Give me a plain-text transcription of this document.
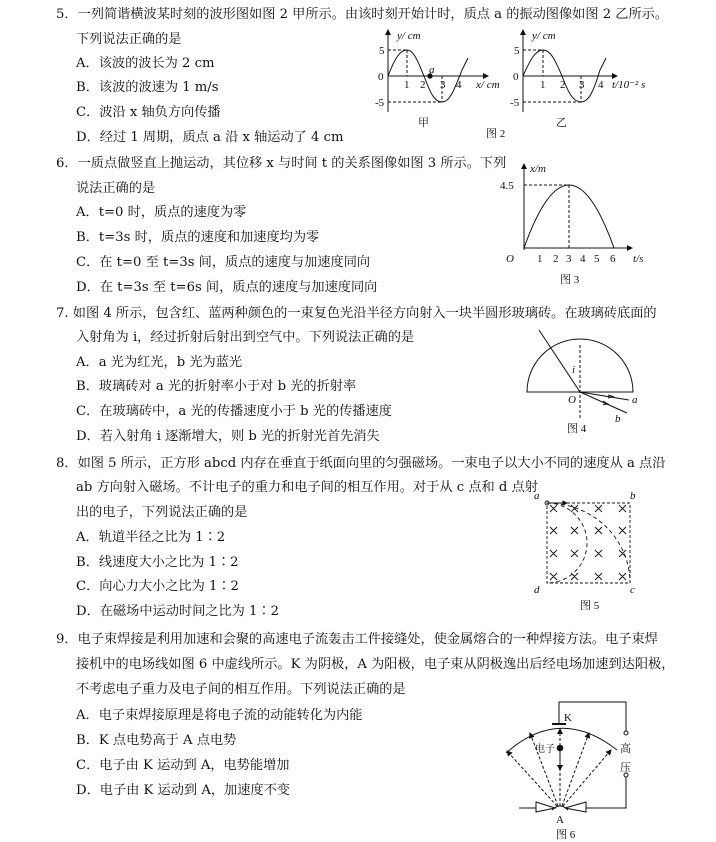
5．一列简谐横波某时刻的波形图如图 2 甲所示。由该时刻开始计时，质点 a 的振动图像如图 2 乙所示。
下列说法正确的是
A．该波的波长为 2 cm
B．该波的波速为 1 m/s
C．波沿 x 轴负方向传播
D．经过 1 周期，质点 a 沿 x 轴运动了 4 cm
6．一质点做竖直上抛运动，其位移 x 与时间 t 的关系图像如图 3 所示。下列
说法正确的是
A．t=0 时，质点的速度为零
B．t=3s 时，质点的速度和加速度均为零
C．在 t=0 至 t=3s 间，质点的速度与加速度同向
D．在 t=3s 至 t=6s 间，质点的速度与加速度同向
7. 如图 4 所示，包含红、蓝两种颜色的一束复色光沿半径方向射入一块半圆形玻璃砖。在玻璃砖底面的
入射角为 i，经过折射后射出到空气中。下列说法正确的是
A．a 光为红光，b 光为蓝光
B．玻璃砖对 a 光的折射率小于对 b 光的折射率
C．在玻璃砖中，a 光的传播速度小于 b 光的传播速度
D．若入射角 i 逐渐增大，则 b 光的折射光首先消失
8．如图 5 所示，正方形 abcd 内存在垂直于纸面向里的匀强磁场。一束电子以大小不同的速度从 a 点沿
ab 方向射入磁场。不计电子的重力和电子间的相互作用。对于从 c 点和 d 点射
出的电子，下列说法正确的是
A．轨道半径之比为 1∶2
B．线速度大小之比为 1∶2
C．向心力大小之比为 1∶2
D．在磁场中运动时间之比为 1∶2
9．电子束焊接是利用加速和会聚的高速电子流轰击工件接缝处，使金属熔合的一种焊接方法。电子束焊
接机中的电场线如图 6 中虚线所示。K 为阴极，A 为阳极，电子束从阴极逸出后经电场加速到达阳极，
不考虑电子重力及电子间的相互作用。下列说法正确的是
A．电子束焊接原理是将电子流的动能转化为内能
B．K 点电势高于 A 点电势
C．电子由 K 运动到 A，电势能增加
D．电子由 K 运动到 A，加速度不变
y/ cm
5
0
-5
1 2 3 4
a
x/ cm
甲
y/ cm
5
0
-5
1 2 3 4 t/10⁻² s
乙
图 2
x/m
4.5
O 1 2 3 4 5 6 t/s
图 3
i
O	a
b
图 4
a	b
c
d
图 5
K
A
电子	高
压
图 6
